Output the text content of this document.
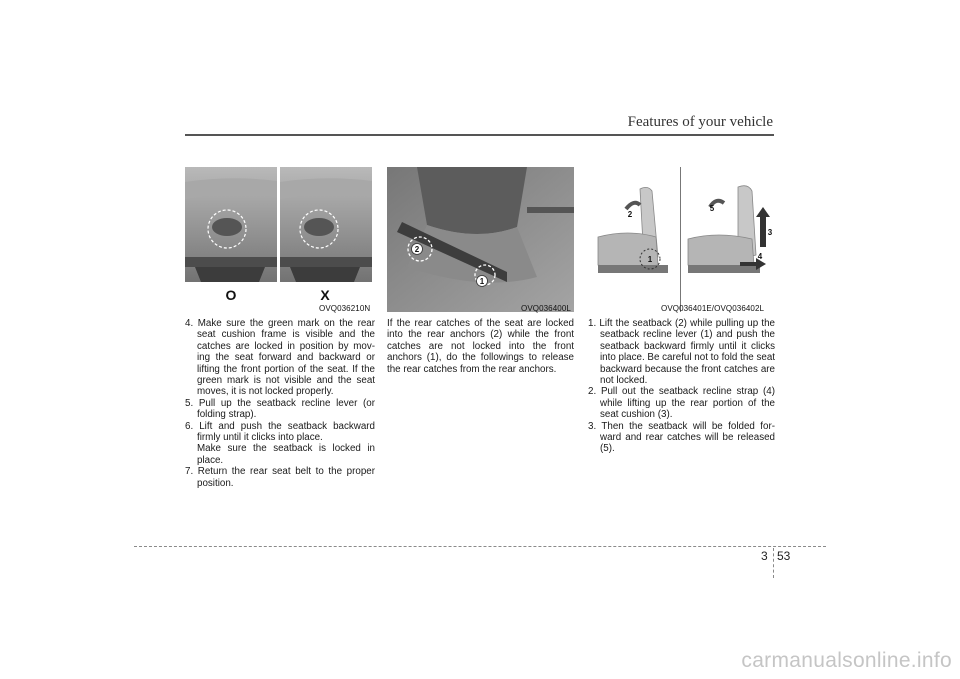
Features of your vehicle
O	X
OVQ036210N
2
1
OVQ036400L
2
1
5
3
4
OVQ036401E/OVQ036402L
4. Make sure the green mark on the rear seat cushion frame is visible and the catches are locked in position by mov-ing the seat forward and backward or lifting the front portion of the seat. If the green mark is not visible and the seat moves, it is not locked properly.
5. Pull up the seatback recline lever (or folding strap).
6. Lift and push the seatback backward firmly until it clicks into place.

Make sure the seatback is locked in place.

7. Return the rear seat belt to the proper position.

If the rear catches of the seat are locked into the rear anchors (2) while the front catches are not locked into the front anchors (1), do the followings to release the rear catches from the rear anchors.

1. Lift the seatback (2) while pulling up the seatback recline lever (1) and push the seatback backward firmly until it clicks into place. Be careful not to fold the seat backward because the front catches are not locked.
2. Pull out the seatback recline strap (4) while lifting up the rear portion of the seat cushion (3).
3. Then the seatback will be folded for-ward and rear catches will be released (5).
3 53
carmanualsonline.info
